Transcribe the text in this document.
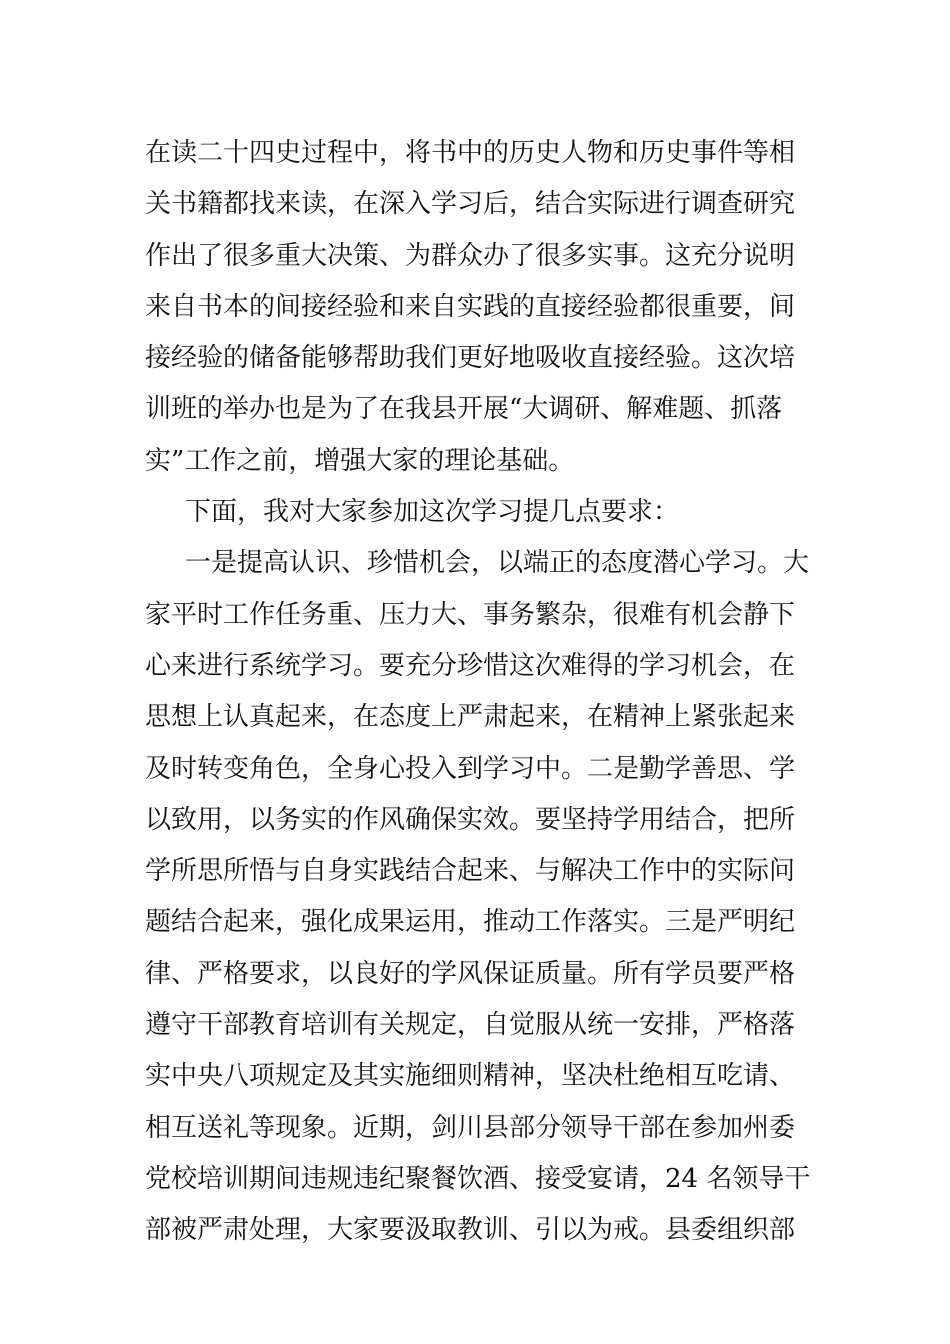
在读二十四史过程中，将书中的历史人物和历史事件等相
关书籍都找来读，在深入学习后，结合实际进行调查研究
作出了很多重大决策、为群众办了很多实事。这充分说明
来自书本的间接经验和来自实践的直接经验都很重要，间
接经验的储备能够帮助我们更好地吸收直接经验。这次培
训班的举办也是为了在我县开展“大调研、解难题、抓落
实”工作之前，增强大家的理论基础。
下面，我对大家参加这次学习提几点要求：
一是提高认识、珍惜机会，以端正的态度潜心学习。大
家平时工作任务重、压力大、事务繁杂，很难有机会静下
心来进行系统学习。要充分珍惜这次难得的学习机会，在
思想上认真起来，在态度上严肃起来，在精神上紧张起来
及时转变角色，全身心投入到学习中。二是勤学善思、学
以致用，以务实的作风确保实效。要坚持学用结合，把所
学所思所悟与自身实践结合起来、与解决工作中的实际问
题结合起来，强化成果运用，推动工作落实。三是严明纪
律、严格要求，以良好的学风保证质量。所有学员要严格
遵守干部教育培训有关规定，自觉服从统一安排，严格落
实中央八项规定及其实施细则精神，坚决杜绝相互吃请、
相互送礼等现象。近期，剑川县部分领导干部在参加州委
党校培训期间违规违纪聚餐饮酒、接受宴请，24 名领导干
部被严肃处理，大家要汲取教训、引以为戒。县委组织部
